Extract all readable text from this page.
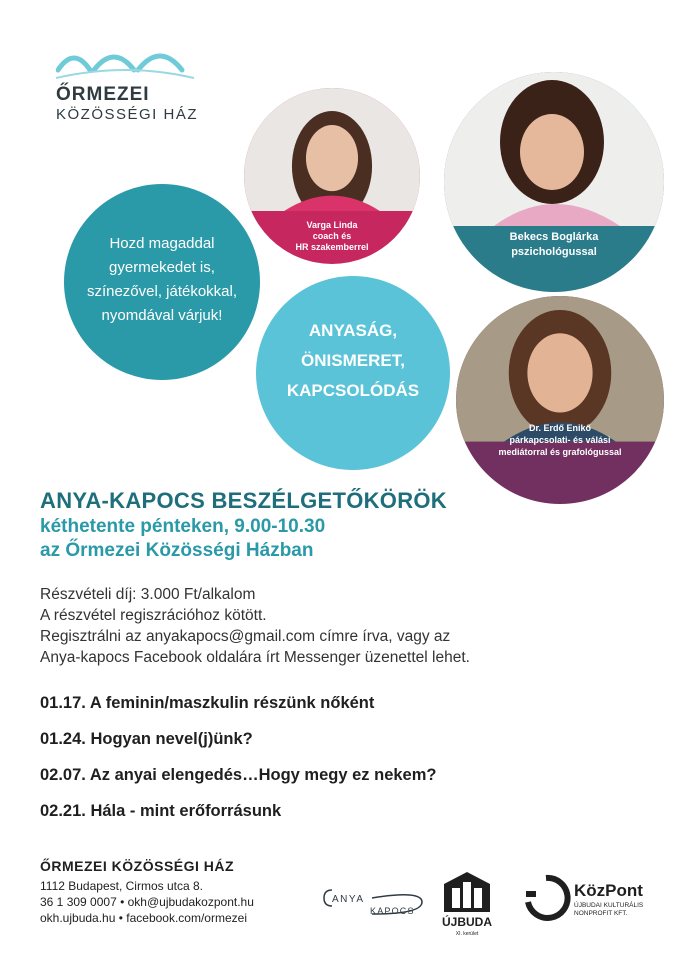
ŐRMEZEI
KÖZÖSSÉGI HÁZ
Hozd magaddal
gyermekedet is,
színezővel, játékokkal,
nyomdával várjuk!
Varga Linda
coach és
HR szakemberrel
Bekecs Boglárka
pszichológussal
ANYASÁG,
ÖNISMERET,
KAPCSOLÓDÁS
Dr. Erdő Enikő
párkapcsolati- és válási
mediátorral és grafológussal
ANYA-KAPOCS BESZÉLGETŐKÖRÖK
kéthetente pénteken, 9.00-10.30
az Őrmezei Közösségi Házban
Részvételi díj: 3.000 Ft/alkalom
A részvétel regiszrációhoz kötött.
Regisztrálni az anyakapocs@gmail.com címre írva, vagy az
Anya-kapocs Facebook oldalára írt Messenger üzenettel lehet.
01.17. A feminin/maszkulin részünk nőként
01.24. Hogyan nevel(j)ünk?
02.07. Az anyai elengedés…Hogy megy ez nekem?
02.21. Hála - mint erőforrásunk
ŐRMEZEI KÖZÖSSÉGI HÁZ
1112 Budapest, Cirmos utca 8.
36 1 309 0007 • okh@ujbudakozpont.hu
okh.ujbuda.hu • facebook.com/ormezei
ANYA
KAPOCS
ÚJBUDA
XI. kerület
KözPont
ÚJBUDAI KULTURÁLIS
NONPROFIT KFT.
